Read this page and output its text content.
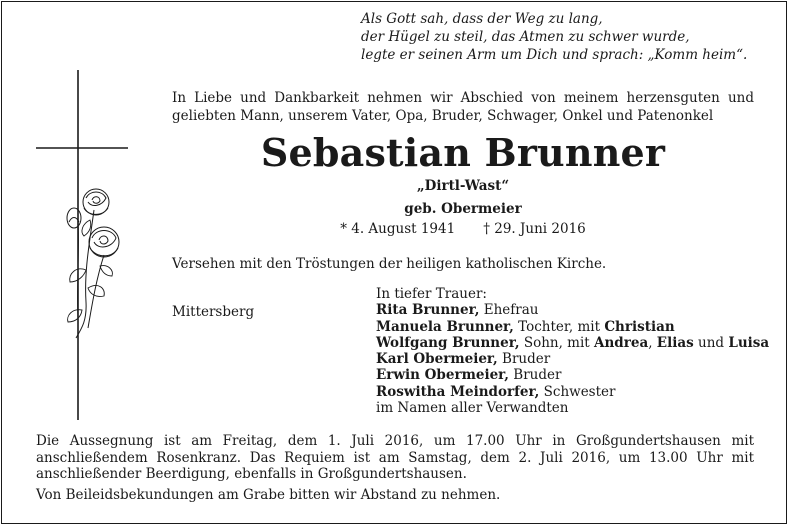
Als Gott sah, dass der Weg zu lang,
der Hügel zu steil, das Atmen zu schwer wurde,
legte er seinen Arm um Dich und sprach: „Komm heim“.
In Liebe und Dankbarkeit nehmen wir Abschied von meinem herzensguten und geliebten Mann, unserem Vater, Opa, Bruder, Schwager, Onkel und Patenonkel
Sebastian Brunner
„Dirtl-Wast“
geb. Obermeier
* 4. August 1941 † 29. Juni 2016
Versehen mit den Tröstungen der heiligen katholischen Kirche.
Mittersberg
In tiefer Trauer:
Rita Brunner, Ehefrau
Manuela Brunner, Tochter, mit Christian
Wolfgang Brunner, Sohn, mit Andrea, Elias und Luisa
Karl Obermeier, Bruder
Erwin Obermeier, Bruder
Roswitha Meindorfer, Schwester
im Namen aller Verwandten
Die Aussegnung ist am Freitag, dem 1. Juli 2016, um 17.00 Uhr in Großgundertshausen mit anschließendem Rosenkranz. Das Requiem ist am Samstag, dem 2. Juli 2016, um 13.00 Uhr mit anschließender Beerdigung, ebenfalls in Großgundertshausen.
Von Beileidsbekundungen am Grabe bitten wir Abstand zu nehmen.
